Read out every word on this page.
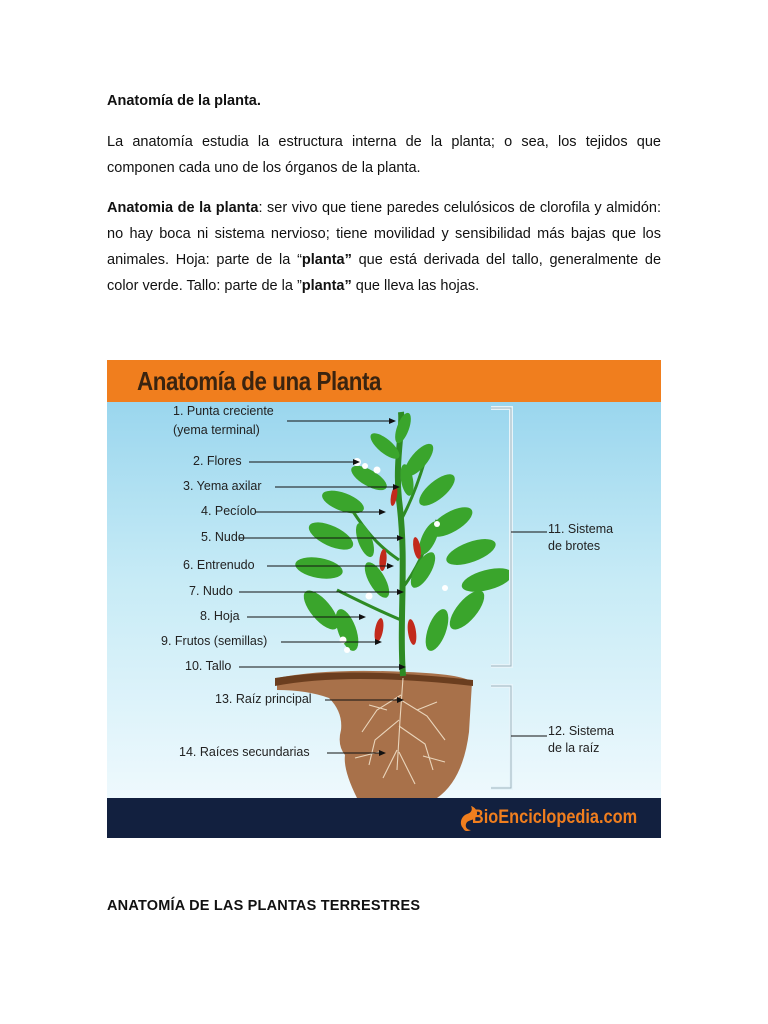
Anatomía de la planta.

La anatomía estudia la estructura interna de la planta; o sea, los tejidos que componen cada uno de los órganos de la planta.

Anatomia de la planta: ser vivo que tiene paredes celulósicos de clorofila y almidón: no hay boca ni sistema nervioso; tiene movilidad y sensibilidad más bajas que los animales. Hoja: parte de la “planta” que está derivada del tallo, generalmente de color verde. Tallo: parte de la ”planta” que lleva las hojas.

Anatomía de una Planta
1. Punta creciente
(yema terminal)
2. Flores
3. Yema axilar
4. Pecíolo
5. Nudo
6. Entrenudo
7. Nudo
8. Hoja
9. Frutos (semillas)
10. Tallo
13. Raíz principal
14. Raíces secundarias
11. Sistema
de brotes
12. Sistema
de la raíz
BioEnciclopedia.com

ANATOMÍA DE LAS PLANTAS TERRESTRES
